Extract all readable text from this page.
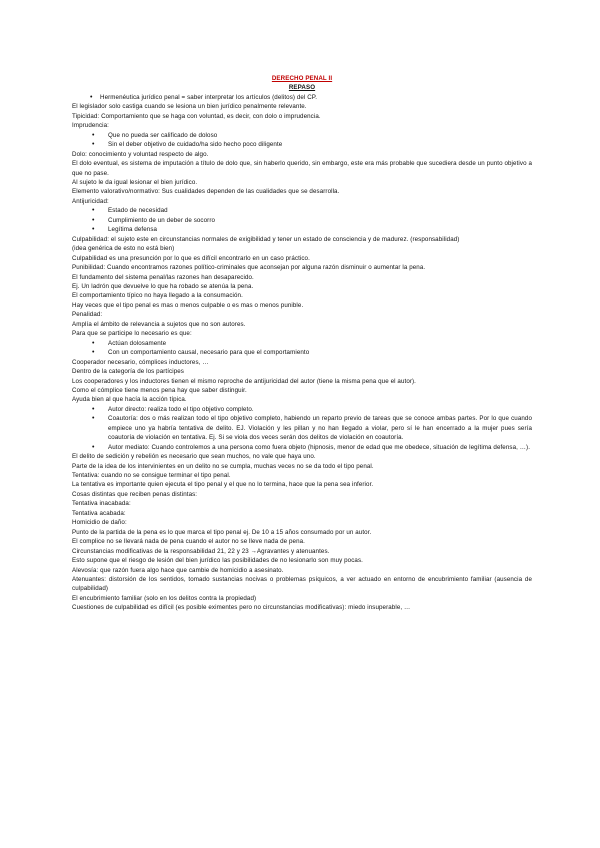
DERECHO PENAL II
REPASO
• Hermenéutica jurídico penal = saber interpretar los artículos (delitos) del CP.

El legislador solo castiga cuando se lesiona un bien jurídico penalmente relevante.

Tipicidad: Comportamiento que se haga con voluntad, es decir, con dolo o imprudencia.

Imprudencia:

• Que no pueda ser calificado de doloso
• Sin el deber objetivo de cuidado/ha sido hecho poco diligente

Dolo: conocimiento y voluntad respecto de algo.

El dolo eventual, es sistema de imputación a título de dolo que, sin haberlo querido, sin embargo, este era más probable que sucediera desde un punto objetivo a que no pase.

Al sujeto le da igual lesionar el bien jurídico.

Elemento valorativo/normativo: Sus cualidades dependen de las cualidades que se desarrolla.

Antijuricidad:

• Estado de necesidad
• Cumplimiento de un deber de socorro
• Legítima defensa

Culpabilidad: el sujeto este en circunstancias normales de exigibilidad y tener un estado de consciencia y de madurez. (responsabilidad)

(idea genérica de esto no está bien)

Culpabilidad es una presunción por lo que es difícil encontrarlo en un caso práctico.

Punibilidad: Cuando encontramos razones político-criminales que aconsejan por alguna razón disminuir o aumentar la pena.

El fundamento del sistema penal/las razones han desaparecido.

Ej. Un ladrón que devuelve lo que ha robado se atenúa la pena.

El comportamiento típico no haya llegado a la consumación.

Hay veces que el tipo penal es mas o menos culpable o es mas o menos punible.

Penalidad:

Amplía el ámbito de relevancia a sujetos que no son autores.

Para que se participe lo necesario es que:

• Actúan dolosamente
• Con un comportamiento causal, necesario para que el comportamiento

Cooperador necesario, cómplices inductores, …

Dentro de la categoría de los partícipes

Los cooperadores y los inductores tienen el mismo reproche de antijuricidad del autor (tiene la misma pena que el autor).

Como el cómplice tiene menos pena hay que saber distinguir.

Ayuda bien al que hacía la acción típica.

• Autor directo: realiza todo el tipo objetivo completo.
• Coautoría: dos o más realizan todo el tipo objetivo completo, habiendo un reparto previo de tareas que se conoce ambas partes. Por lo que cuando empiece uno ya habría tentativa de delito. EJ. Violación y les pillan y no han llegado a violar, pero sí le han encerrado a la mujer pues sería coautoría de violación en tentativa. Ej. Si se viola dos veces serán dos delitos de violación en coautoría.
• Autor mediato: Cuando controlemos a una persona como fuera objeto (hipnosis, menor de edad que me obedece, situación de legítima defensa, …).

El delito de sedición y rebelión es necesario que sean muchos, no vale que haya uno.

Parte de la idea de los intervinientes en un delito no se cumpla, muchas veces no se da todo el tipo penal.

Tentativa: cuando no se consigue terminar el tipo penal.

La tentativa es importante quien ejecuta el tipo penal y el que no lo termina, hace que la pena sea inferior.

Cosas distintas que reciben penas distintas:

Tentativa inacabada:

Tentativa acabada:

Homicidio de daño:

Punto de la partida de la pena es lo que marca el tipo penal ej. De 10 a 15 años consumado por un autor.

El complice no se llevará nada de pena cuando el autor no se lleve nada de pena.

Circunstancias modificativas de la responsabilidad 21, 22 y 23 →Agravantes y atenuantes.

Esto supone que el riesgo de lesión del bien jurídico las posibilidades de no lesionarlo son muy pocas.

Alevosía: que razón fuera algo hace que cambie de homicidio a asesinato.

Atenuantes: distorsión de los sentidos, tomado sustancias nocivas o problemas psíquicos, a ver actuado en entorno de encubrimiento familiar (ausencia de culpabilidad)

El encubrimiento familiar (solo en los delitos contra la propiedad)

Cuestiones de culpabilidad es difícil (es posible eximentes pero no circunstancias modificativas): miedo insuperable, …
